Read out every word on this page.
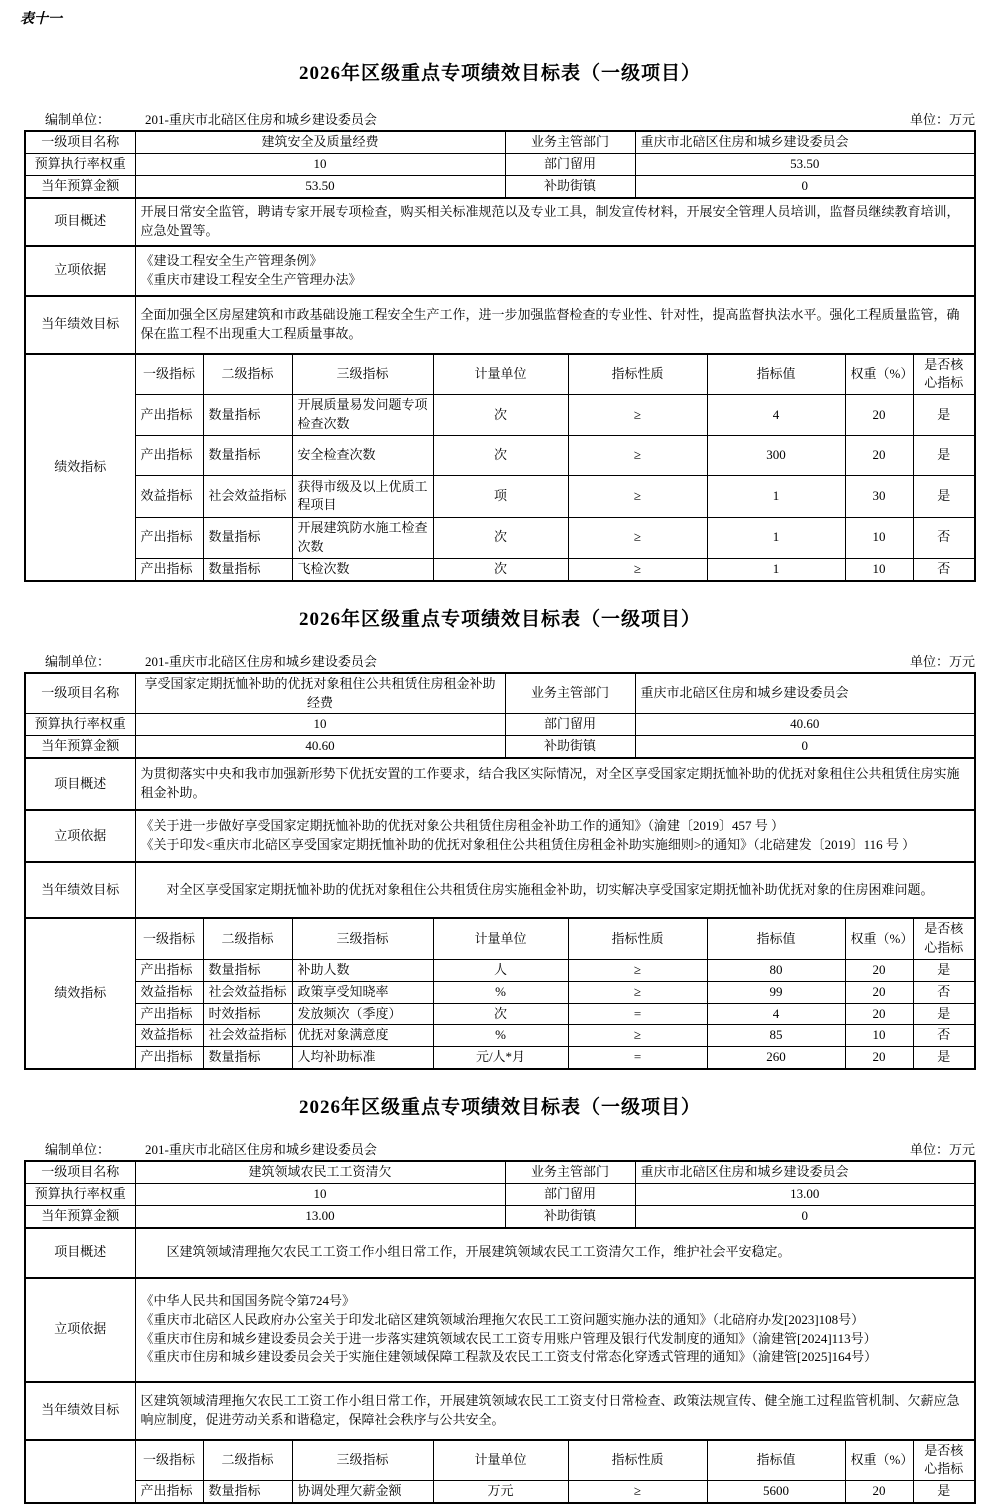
表十一
2026年区级重点专项绩效目标表（一级项目）
编制单位：	201-重庆市北碚区住房和城乡建设委员会	单位：万元
一级项目名称	建筑安全及质量经费	业务主管部门	重庆市北碚区住房和城乡建设委员会
预算执行率权重	10	部门留用	53.50
当年预算金额	53.50	补助街镇	0
项目概述	开展日常安全监管，聘请专家开展专项检查，购买相关标准规范以及专业工具，制发宣传材料，开展安全管理人员培训，监督员继续教育培训，应急处置等。
立项依据	
《建设工程安全生产管理条例》
《重庆市建设工程安全生产管理办法》
当年绩效目标	全面加强全区房屋建筑和市政基础设施工程安全生产工作，进一步加强监督检查的专业性、针对性，提高监督执法水平。强化工程质量监管，确保在监工程不出现重大工程质量事故。
绩效指标	一级指标	二级指标	三级指标	计量单位	指标性质	指标值	权重（%）	是否核心指标
	产出指标	数量指标	开展质量易发问题专项检查次数	次	≥	4	20	是
	产出指标	数量指标	安全检查次数	次	≥	300	20	是
	效益指标	社会效益指标	获得市级及以上优质工程项目	项	≥	1	30	是
	产出指标	数量指标	开展建筑防水施工检查次数	次	≥	1	10	否
	产出指标	数量指标	飞检次数	次	≥	1	10	否
2026年区级重点专项绩效目标表（一级项目）
编制单位：	201-重庆市北碚区住房和城乡建设委员会	单位：万元
一级项目名称	享受国家定期抚恤补助的优抚对象租住公共租赁住房租金补助经费	业务主管部门	重庆市北碚区住房和城乡建设委员会
预算执行率权重	10	部门留用	40.60
当年预算金额	40.60	补助街镇	0
项目概述	为贯彻落实中央和我市加强新形势下优抚安置的工作要求，结合我区实际情况，对全区享受国家定期抚恤补助的优抚对象租住公共租赁住房实施租金补助。
立项依据	
《关于进一步做好享受国家定期抚恤补助的优抚对象公共租赁住房租金补助工作的通知》（渝建〔2019〕457 号 ）
《关于印发<重庆市北碚区享受国家定期抚恤补助的优抚对象租住公共租赁住房租金补助实施细则>的通知》（北碚建发〔2019〕116 号 ）
当年绩效目标	对全区享受国家定期抚恤补助的优抚对象租住公共租赁住房实施租金补助，切实解决享受国家定期抚恤补助优抚对象的住房困难问题。
绩效指标	一级指标	二级指标	三级指标	计量单位	指标性质	指标值	权重（%）	是否核心指标
	产出指标	数量指标	补助人数	人	≥	80	20	是
	效益指标	社会效益指标	政策享受知晓率	%	≥	99	20	否
	产出指标	时效指标	发放频次（季度）	次	=	4	20	是
	效益指标	社会效益指标	优抚对象满意度	%	≥	85	10	否
	产出指标	数量指标	人均补助标准	元/人*月	=	260	20	是
2026年区级重点专项绩效目标表（一级项目）
编制单位：	201-重庆市北碚区住房和城乡建设委员会	单位：万元
一级项目名称	建筑领域农民工工资清欠	业务主管部门	重庆市北碚区住房和城乡建设委员会
预算执行率权重	10	部门留用	13.00
当年预算金额	13.00	补助街镇	0
项目概述	区建筑领域清理拖欠农民工工资工作小组日常工作，开展建筑领域农民工工资清欠工作，维护社会平安稳定。
立项依据	
《中华人民共和国国务院令第724号》
《重庆市北碚区人民政府办公室关于印发北碚区建筑领域治理拖欠农民工工资问题实施办法的通知》（北碚府办发[2023]108号）
《重庆市住房和城乡建设委员会关于进一步落实建筑领域农民工工资专用账户管理及银行代发制度的通知》（渝建管[2024]113号）
《重庆市住房和城乡建设委员会关于实施住建领域保障工程款及农民工工资支付常态化穿透式管理的通知》（渝建管[2025]164号）
当年绩效目标	区建筑领域清理拖欠农民工工资工作小组日常工作，开展建筑领域农民工工资支付日常检查、政策法规宣传、健全施工过程监管机制、欠薪应急响应制度，促进劳动关系和谐稳定，保障社会秩序与公共安全。
	一级指标	二级指标	三级指标	计量单位	指标性质	指标值	权重（%）	是否核心指标
	产出指标	数量指标	协调处理欠薪金额	万元	≥	5600	20	是
